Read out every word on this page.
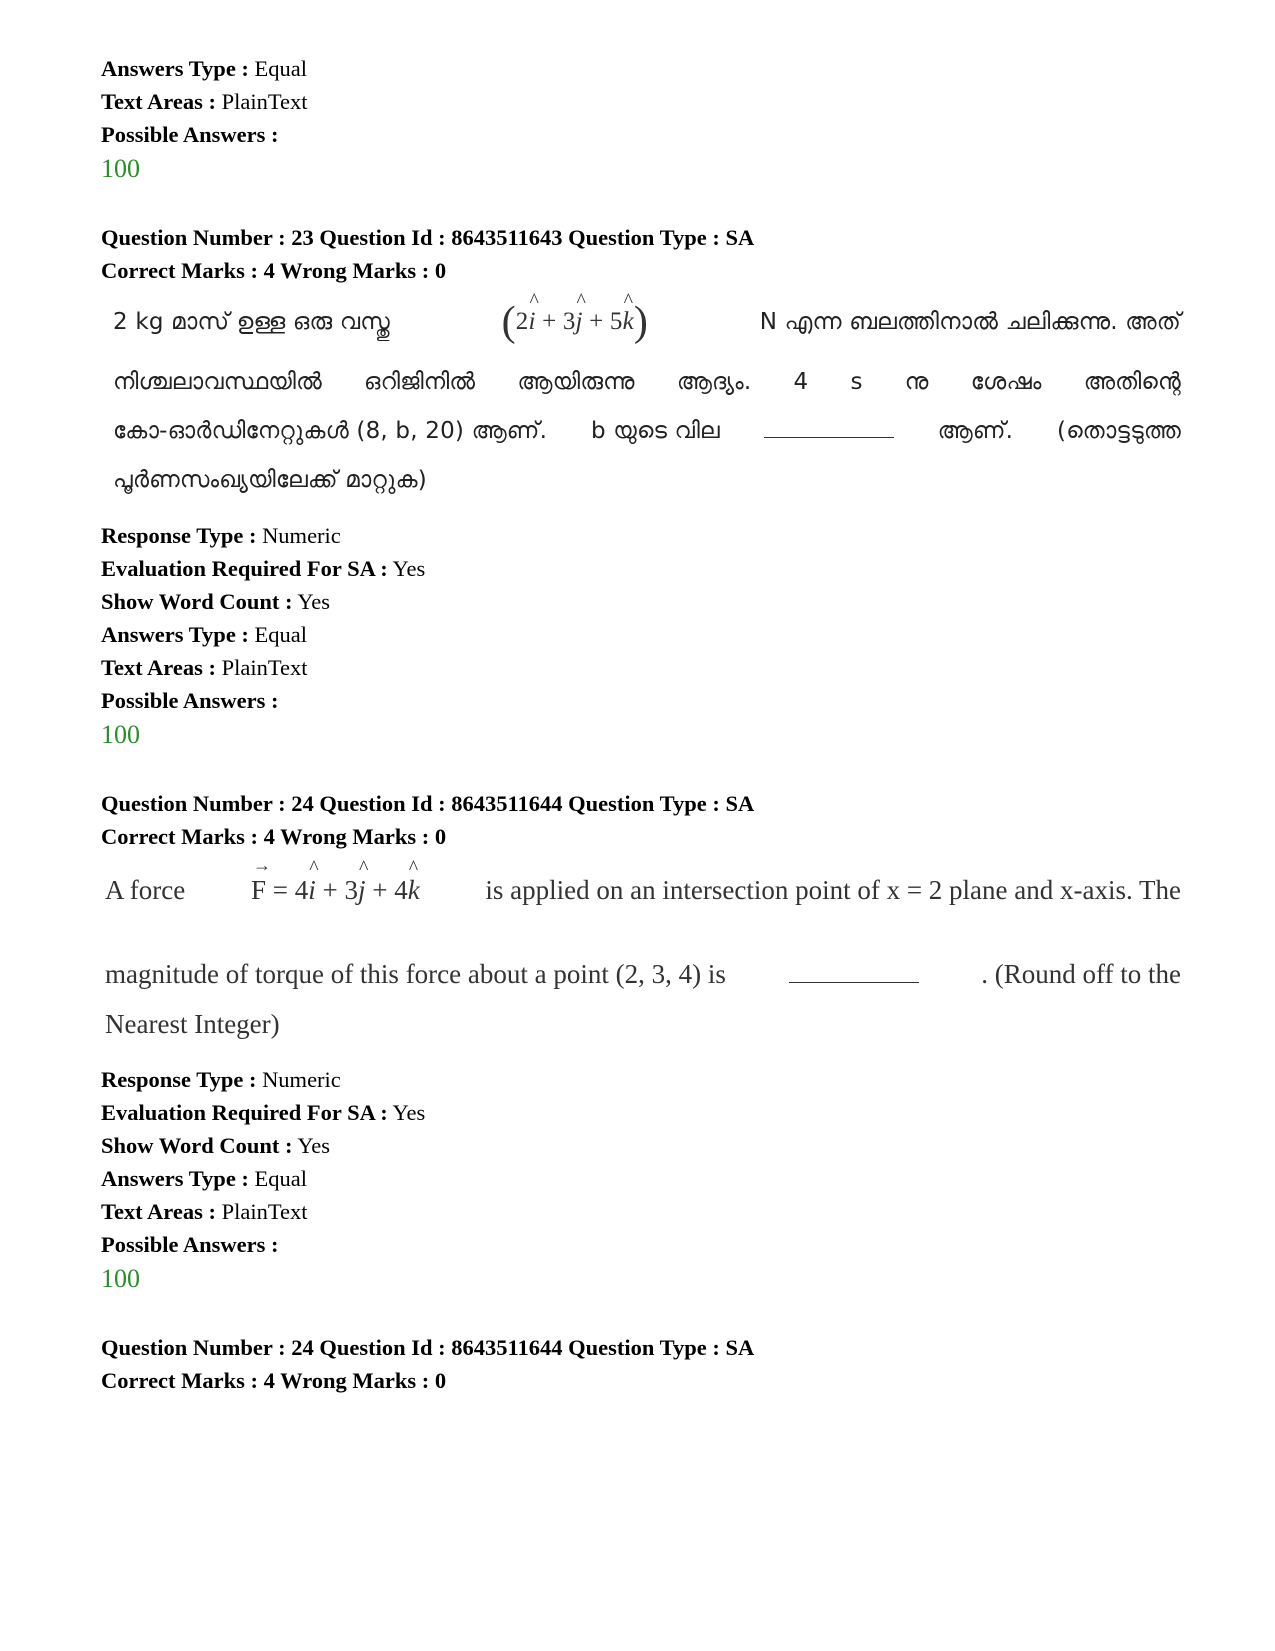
Answers Type : Equal
Text Areas : PlainText
Possible Answers :
100
Question Number : 23 Question Id : 8643511643 Question Type : SA
Correct Marks : 4 Wrong Marks : 0
2 kg മാസ് ഉള്ള ഒരു വസ്തു	(2^ i + 3^ j + 5^ k)	N എന്ന ബലത്തിനാൽ ചലിക്കുന്നു. അത്
നിശ്ചലാവസ്ഥയിൽ ഒറിജിനിൽ ആയിരുന്നു ആദ്യം. 4 s നു ശേഷം അതിന്റെ
കോ-ഓർഡിനേറ്റുകൾ (8, b, 20) ആണ്. b യുടെ വില	ആണ്. (തൊട്ടടുത്ത
പൂർണസംഖ്യയിലേക്ക് മാറ്റുക)
Response Type : Numeric
Evaluation Required For SA : Yes
Show Word Count : Yes
Answers Type : Equal
Text Areas : PlainText
Possible Answers :
100
Question Number : 24 Question Id : 8643511644 Question Type : SA
Correct Marks : 4 Wrong Marks : 0
A force
→ F = 4^ i + 3^ j + 4^ k is applied on an intersection point of x = 2 plane and x-axis. The
magnitude of torque of this force about a point (2, 3, 4) is	. (Round off to the
Nearest Integer)
Response Type : Numeric
Evaluation Required For SA : Yes
Show Word Count : Yes
Answers Type : Equal
Text Areas : PlainText
Possible Answers :
100
Question Number : 24 Question Id : 8643511644 Question Type : SA
Correct Marks : 4 Wrong Marks : 0
